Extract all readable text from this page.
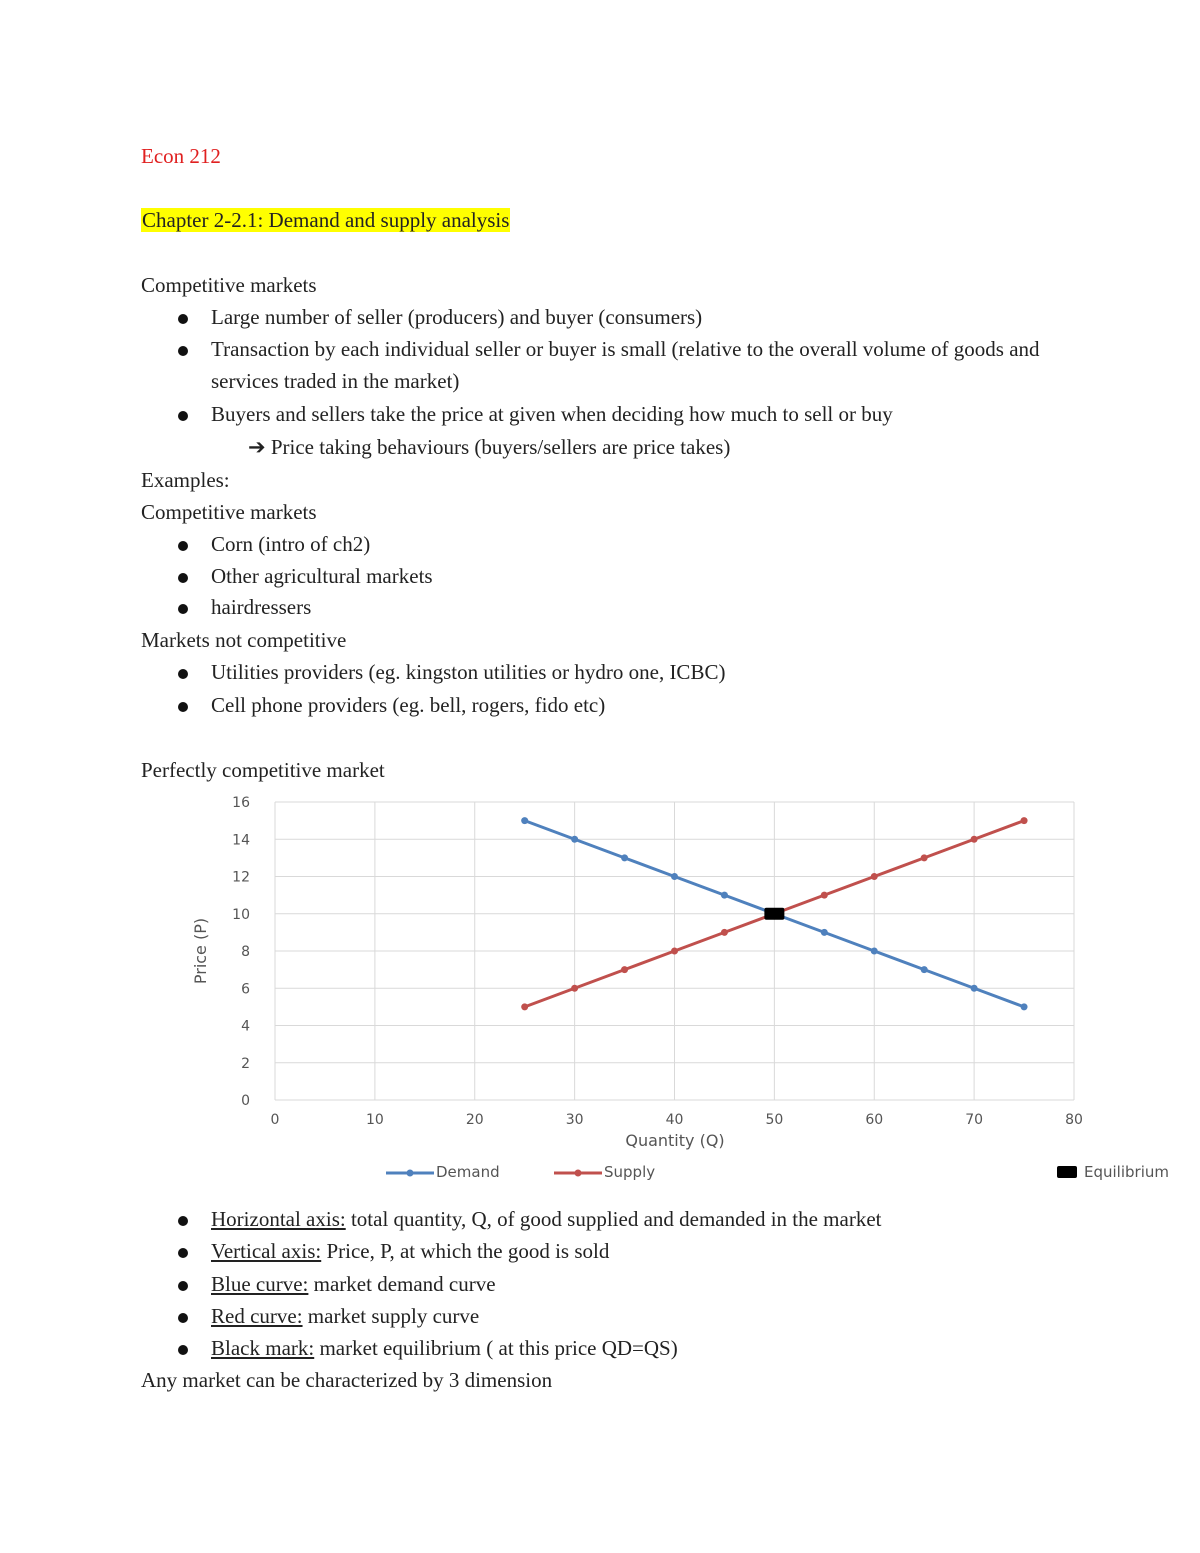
Econ 212
Chapter 2-2.1: Demand and supply analysis
Competitive markets
Large number of seller (producers) and buyer (consumers)
Transaction by each individual seller or buyer is small (relative to the overall volume of goods and services traded in the market)
Buyers and sellers take the price at given when deciding how much to sell or buy
➔ Price taking behaviours (buyers/sellers are price takes)
Examples:
Competitive markets
Corn (intro of ch2)
Other agricultural markets
hairdressers
Markets not competitive
Utilities providers (eg. kingston utilities or hydro one, ICBC)
Cell phone providers (eg. bell, rogers, fido etc)
Perfectly competitive market
0
2
4
6
8
10
12
14
16
0	10	20	30	40	50	60	70	80
Quantity (Q)
Price (P)
Demand	Supply	Equilibrium
Horizontal axis: total quantity, Q, of good supplied and demanded in the market
Vertical axis: Price, P, at which the good is sold
Blue curve: market demand curve
Red curve: market supply curve
Black mark: market equilibrium ( at this price QD=QS)
Any market can be characterized by 3 dimension
